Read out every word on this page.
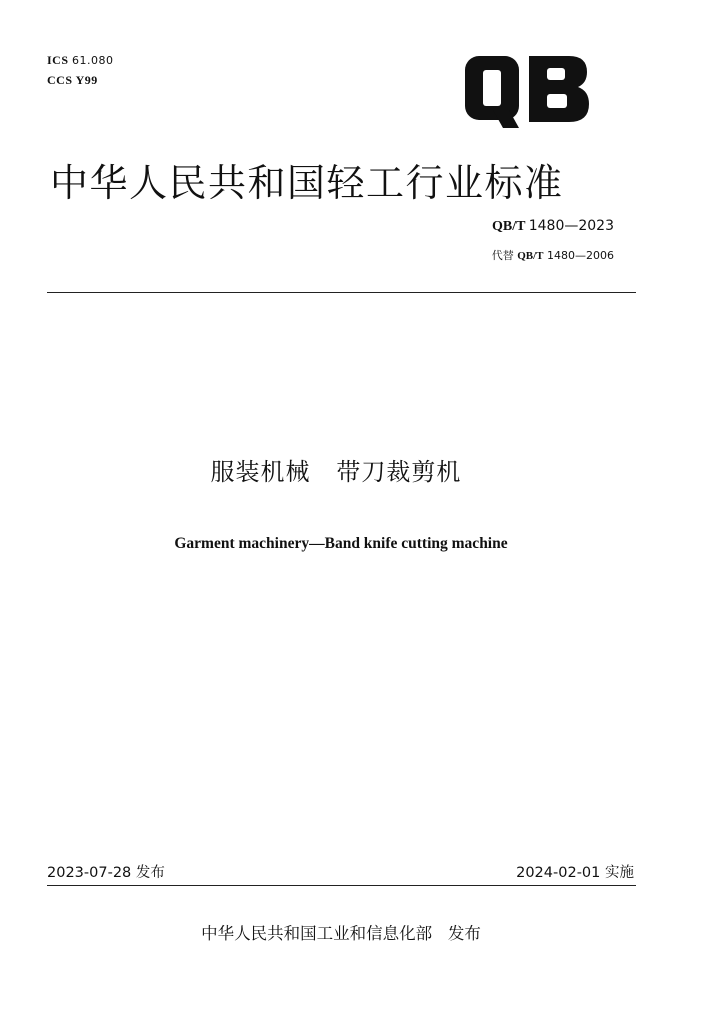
ICS 61.080
CCS Y99
中华人民共和国轻工行业标准
QB/T 1480—2023
代替 QB/T 1480—2006
服装机械   带刀裁剪机
Garment machinery—Band knife cutting machine
2023-07-28 发布	2024-02-01 实施
中华人民共和国工业和信息化部   发布
